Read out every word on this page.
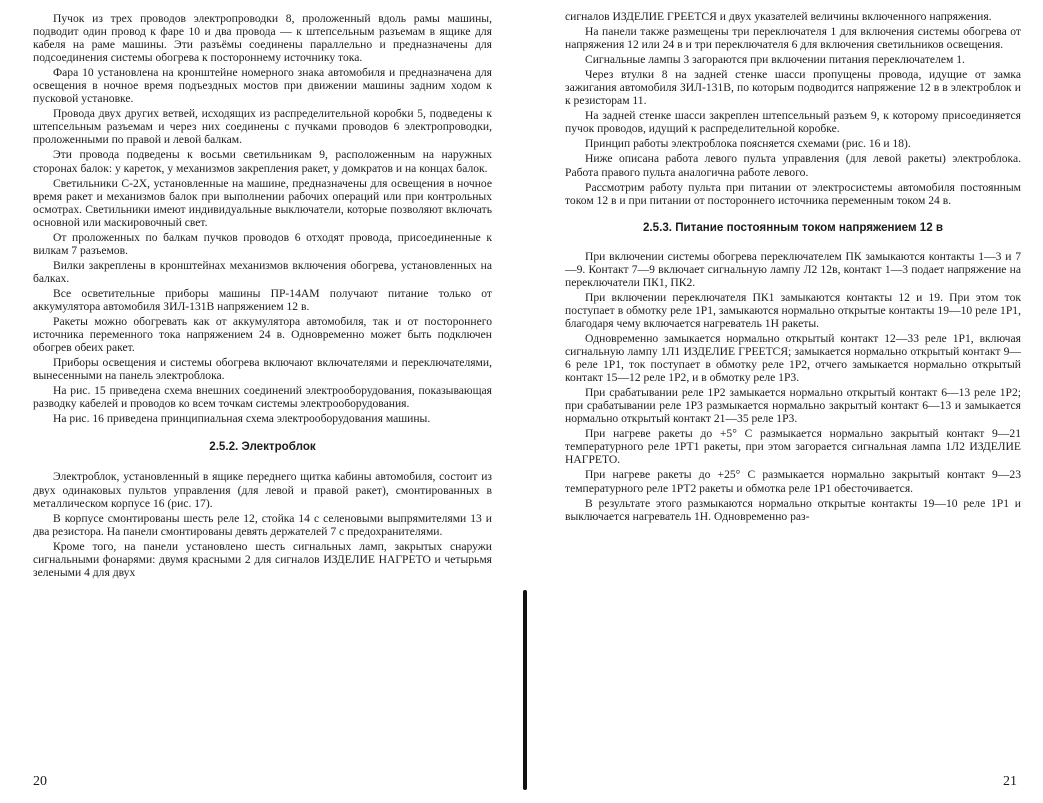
Пучок из трех проводов электропроводки 8, проложенный вдоль рамы машины, подводит один провод к фаре 10 и два провода — к штепсельным разъемам в ящике для кабеля на раме машины. Эти разъёмы соединены параллельно и предназначены для подсоединения системы обогрева к постороннему источнику тока.

Фара 10 установлена на кронштейне номерного знака автомобиля и предназначена для освещения в ночное время подъездных мостов при движении машины задним ходом к пусковой установке.

Провода двух других ветвей, исходящих из распределительной коробки 5, подведены к штепсельным разъемам и через них соединены с пучками проводов 6 электропроводки, проложенными по правой и левой балкам.

Эти провода подведены к восьми светильникам 9, расположенным на наружных сторонах балок: у кареток, у механизмов закрепления ракет, у домкратов и на концах балок.

Светильники С-2Х, установленные на машине, предназначены для освещения в ночное время ракет и механизмов балок при выполнении рабочих операций или при контрольных осмотрах. Светильники имеют индивидуальные выключатели, которые позволяют включать основной или маскировочный свет.

От проложенных по балкам пучков проводов 6 отходят провода, присоединенные к вилкам 7 разъемов.

Вилки закреплены в кронштейнах механизмов включения обогрева, установленных на балках.

Все осветительные приборы машины ПР-14АМ получают питание только от аккумулятора автомобиля ЗИЛ-131В напряжением 12 в.

Ракеты можно обогревать как от аккумулятора автомобиля, так и от постороннего источника переменного тока напряжением 24 в. Одновременно может быть подключен обогрев обеих ракет.

Приборы освещения и системы обогрева включают включателями и переключателями, вынесенными на панель электроблока.

На рис. 15 приведена схема внешних соединений электрооборудования, показывающая разводку кабелей и проводов ко всем точкам системы электрооборудования.

На рис. 16 приведена принципиальная схема электрооборудования машины.

2.5.2. Электроблок

Электроблок, установленный в ящике переднего щитка кабины автомобиля, состоит из двух одинаковых пультов управления (для левой и правой ракет), смонтированных в металлическом корпусе 16 (рис. 17).

В корпусе смонтированы шесть реле 12, стойка 14 с селеновыми выпрямителями 13 и два резистора. На панели смонтированы девять держателей 7 с предохранителями.

Кроме того, на панели установлено шесть сигнальных ламп, закрытых снаружи сигнальными фонарями: двумя красными 2 для сигналов ИЗДЕЛИЕ НАГРЕТО и четырьмя зелеными 4 для двух

20

сигналов ИЗДЕЛИЕ ГРЕЕТСЯ и двух указателей величины включенного напряжения.

На панели также размещены три переключателя 1 для включения системы обогрева от напряжения 12 или 24 в и три переключателя 6 для включения светильников освещения.

Сигнальные лампы 3 загораются при включении питания переключателем 1.

Через втулки 8 на задней стенке шасси пропущены провода, идущие от замка зажигания автомобиля ЗИЛ-131В, по которым подводится напряжение 12 в в электроблок и к резисторам 11.

На задней стенке шасси закреплен штепсельный разъем 9, к которому присоединяется пучок проводов, идущий к распределительной коробке.

Принцип работы электроблока поясняется схемами (рис. 16 и 18).

Ниже описана работа левого пульта управления (для левой ракеты) электроблока. Работа правого пульта аналогична работе левого.

Рассмотрим работу пульта при питании от электросистемы автомобиля постоянным током 12 в и при питании от постороннего источника переменным током 24 в.

2.5.3. Питание постоянным током напряжением 12 в

При включении системы обогрева переключателем ПК замыкаются контакты 1—3 и 7—9. Контакт 7—9 включает сигнальную лампу Л2 12в, контакт 1—3 подает напряжение на переключатели ПК1, ПК2.

При включении переключателя ПК1 замыкаются контакты 12 и 19. При этом ток поступает в обмотку реле 1Р1, замыкаются нормально открытые контакты 19—10 реле 1Р1, благодаря чему включается нагреватель 1Н ракеты.

Одновременно замыкается нормально открытый контакт 12—33 реле 1Р1, включая сигнальную лампу 1Л1 ИЗДЕЛИЕ ГРЕЕТСЯ; замыкается нормально открытый контакт 9—6 реле 1Р1, ток поступает в обмотку реле 1Р2, отчего замыкается нормально открытый контакт 15—12 реле 1Р2, и в обмотку реле 1Р3.

При срабатывании реле 1Р2 замыкается нормально открытый контакт 6—13 реле 1Р2; при срабатывании реле 1Р3 размыкается нормально закрытый контакт 6—13 и замыкается нормально открытый контакт 21—35 реле 1Р3.

При нагреве ракеты до +5° С размыкается нормально закрытый контакт 9—21 температурного реле 1РТ1 ракеты, при этом загорается сигнальная лампа 1Л2 ИЗДЕЛИЕ НАГРЕТО.

При нагреве ракеты до +25° С размыкается нормально закрытый контакт 9—23 температурного реле 1РТ2 ракеты и обмотка реле 1Р1 обесточивается.

В результате этого размыкаются нормально открытые контакты 19—10 реле 1Р1 и выключается нагреватель 1Н. Одновременно раз-

21
